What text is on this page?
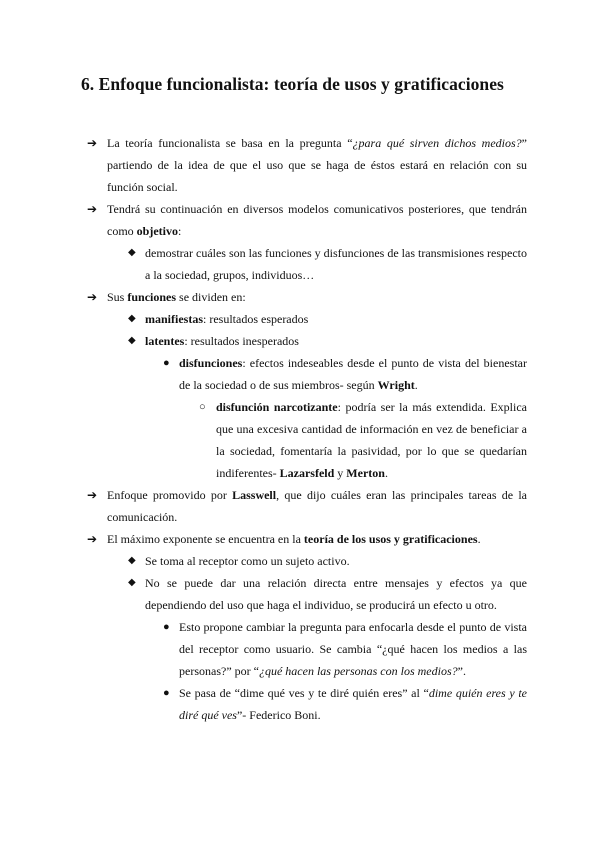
6. Enfoque funcionalista: teoría de usos y gratificaciones
➔ La teoría funcionalista se basa en la pregunta “¿para qué sirven dichos medios?” partiendo de la idea de que el uso que se haga de éstos estará en relación con su función social.
➔ Tendrá su continuación en diversos modelos comunicativos posteriores, que tendrán como objetivo:
◆ demostrar cuáles son las funciones y disfunciones de las transmisiones respecto a la sociedad, grupos, individuos…
➔ Sus funciones se dividen en:
◆ manifiestas: resultados esperados
◆ latentes: resultados inesperados
● disfunciones: efectos indeseables desde el punto de vista del bienestar de la sociedad o de sus miembros- según Wright.
○ disfunción narcotizante: podría ser la más extendida. Explica que una excesiva cantidad de información en vez de beneficiar a la sociedad, fomentaría la pasividad, por lo que se quedarían indiferentes- Lazarsfeld y Merton.
➔ Enfoque promovido por Lasswell, que dijo cuáles eran las principales tareas de la comunicación.
➔ El máximo exponente se encuentra en la teoría de los usos y gratificaciones.
◆ Se toma al receptor como un sujeto activo.
◆ No se puede dar una relación directa entre mensajes y efectos ya que dependiendo del uso que haga el individuo, se producirá un efecto u otro.
● Esto propone cambiar la pregunta para enfocarla desde el punto de vista del receptor como usuario. Se cambia “¿qué hacen los medios a las personas?” por “¿qué hacen las personas con los medios?”.
● Se pasa de “dime qué ves y te diré quién eres” al “dime quién eres y te diré qué ves”- Federico Boni.
